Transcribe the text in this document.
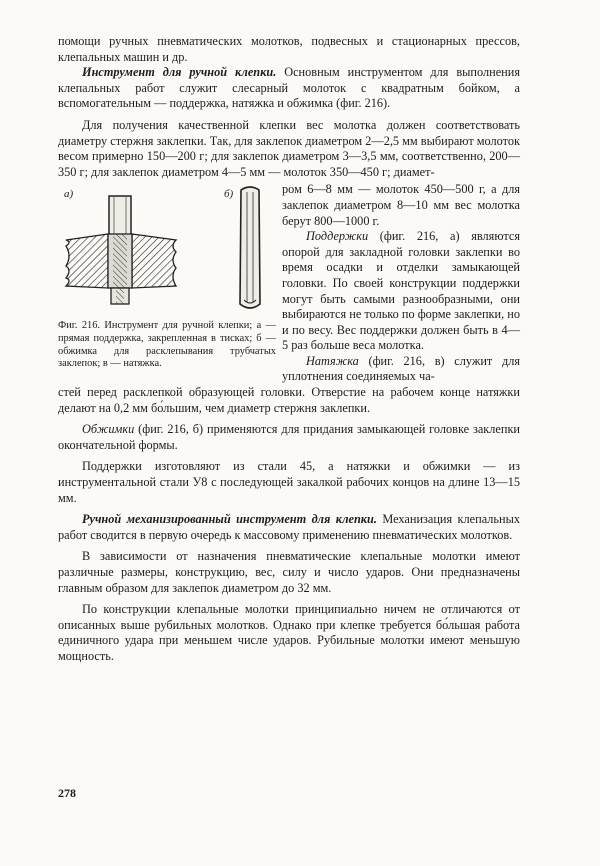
помощи ручных пневматических молотков, подвесных и стационарных прессов, клепальных машин и др.

Инструмент для ручной клепки. Основным инструментом для выполнения клепальных работ служит слесарный молоток с квадратным бойком, а вспомогательным — поддержка, натяжка и обжимка (фиг. 216).

Для получения качественной клепки вес молотка должен соответствовать диаметру стержня заклепки. Так, для заклепок диаметром 2—2,5 мм выбирают молоток весом примерно 150—200 г; для заклепок диаметром 3—3,5 мм, соответственно, 200—350 г; для заклепок диаметром 4—5 мм — молоток 350—450 г; диамет-

а)	б)

Фиг. 216. Инструмент для ручной клепки; а — прямая поддержка, закрепленная в тисках; б — обжимка для расклепывания трубчатых заклепок; в — натяжка.

ром 6—8 мм — молоток 450—500 г, а для заклепок диаметром 8—10 мм вес молотка берут 800—1000 г.

Поддержки (фиг. 216, а) являются опорой для закладной головки заклепки во время осадки и отделки замыкающей головки. По своей конструкции поддержки могут быть самыми разнообразными, они выбираются не только по форме заклепки, но и по весу. Вес поддержки должен быть в 4—5 раз больше веса молотка.

Натяжка (фиг. 216, в) служит для уплотнения соединяемых ча-

стей перед расклепкой образующей головки. Отверстие на рабочем конце натяжки делают на 0,2 мм бо́льшим, чем диаметр стержня заклепки.

Обжимки (фиг. 216, б) применяются для придания замыкающей головке заклепки окончательной формы.

Поддержки изготовляют из стали 45, а натяжки и обжимки — из инструментальной стали У8 с последующей закалкой рабочих концов на длине 13—15 мм.

Ручной механизированный инструмент для клепки. Механизация клепальных работ сводится в первую очередь к массовому применению пневматических молотков.

В зависимости от назначения пневматические клепальные молотки имеют различные размеры, конструкцию, вес, силу и число ударов. Они предназначены главным образом для заклепок диаметром до 32 мм.

По конструкции клепальные молотки принципиально ничем не отличаются от описанных выше рубильных молотков. Однако при клепке требуется бо́льшая работа единичного удара при меньшем числе ударов. Рубильные молотки имеют меньшую мощность.

278
